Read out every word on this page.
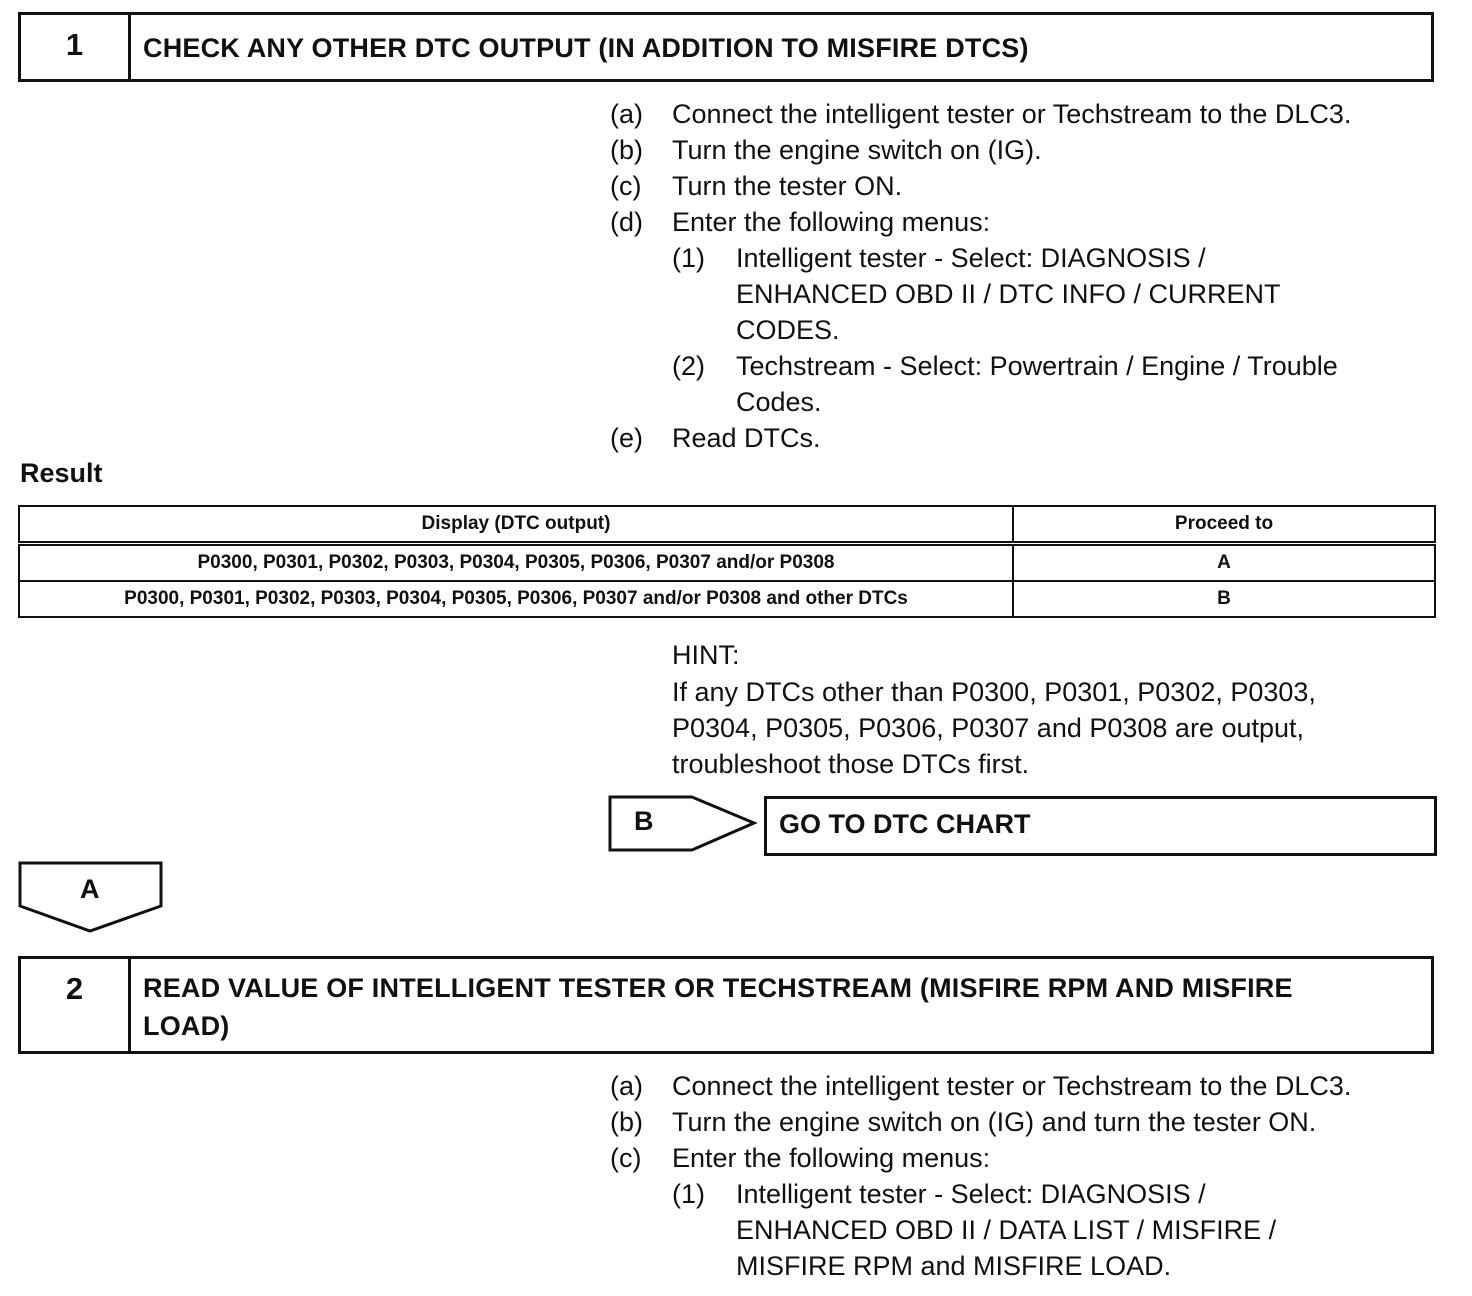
1	CHECK ANY OTHER DTC OUTPUT (IN ADDITION TO MISFIRE DTCS)
(a) Connect the intelligent tester or Techstream to the DLC3.
(b) Turn the engine switch on (IG).
(c) Turn the tester ON.
(d) Enter the following menus:
(1) Intelligent tester - Select: DIAGNOSIS /
ENHANCED OBD II / DTC INFO / CURRENT
CODES.
(2) Techstream - Select: Powertrain / Engine / Trouble
Codes.
(e) Read DTCs.
Result
Display (DTC output)	Proceed to
P0300, P0301, P0302, P0303, P0304, P0305, P0306, P0307 and/or P0308	A
P0300, P0301, P0302, P0303, P0304, P0305, P0306, P0307 and/or P0308 and other DTCs	B
HINT:
If any DTCs other than P0300, P0301, P0302, P0303,
P0304, P0305, P0306, P0307 and P0308 are output,
troubleshoot those DTCs first.
B	GO TO DTC CHART
A
2	READ VALUE OF INTELLIGENT TESTER OR TECHSTREAM (MISFIRE RPM AND MISFIRE
LOAD)
(a) Connect the intelligent tester or Techstream to the DLC3.
(b) Turn the engine switch on (IG) and turn the tester ON.
(c) Enter the following menus:
(1) Intelligent tester - Select: DIAGNOSIS /
ENHANCED OBD II / DATA LIST / MISFIRE /
MISFIRE RPM and MISFIRE LOAD.
